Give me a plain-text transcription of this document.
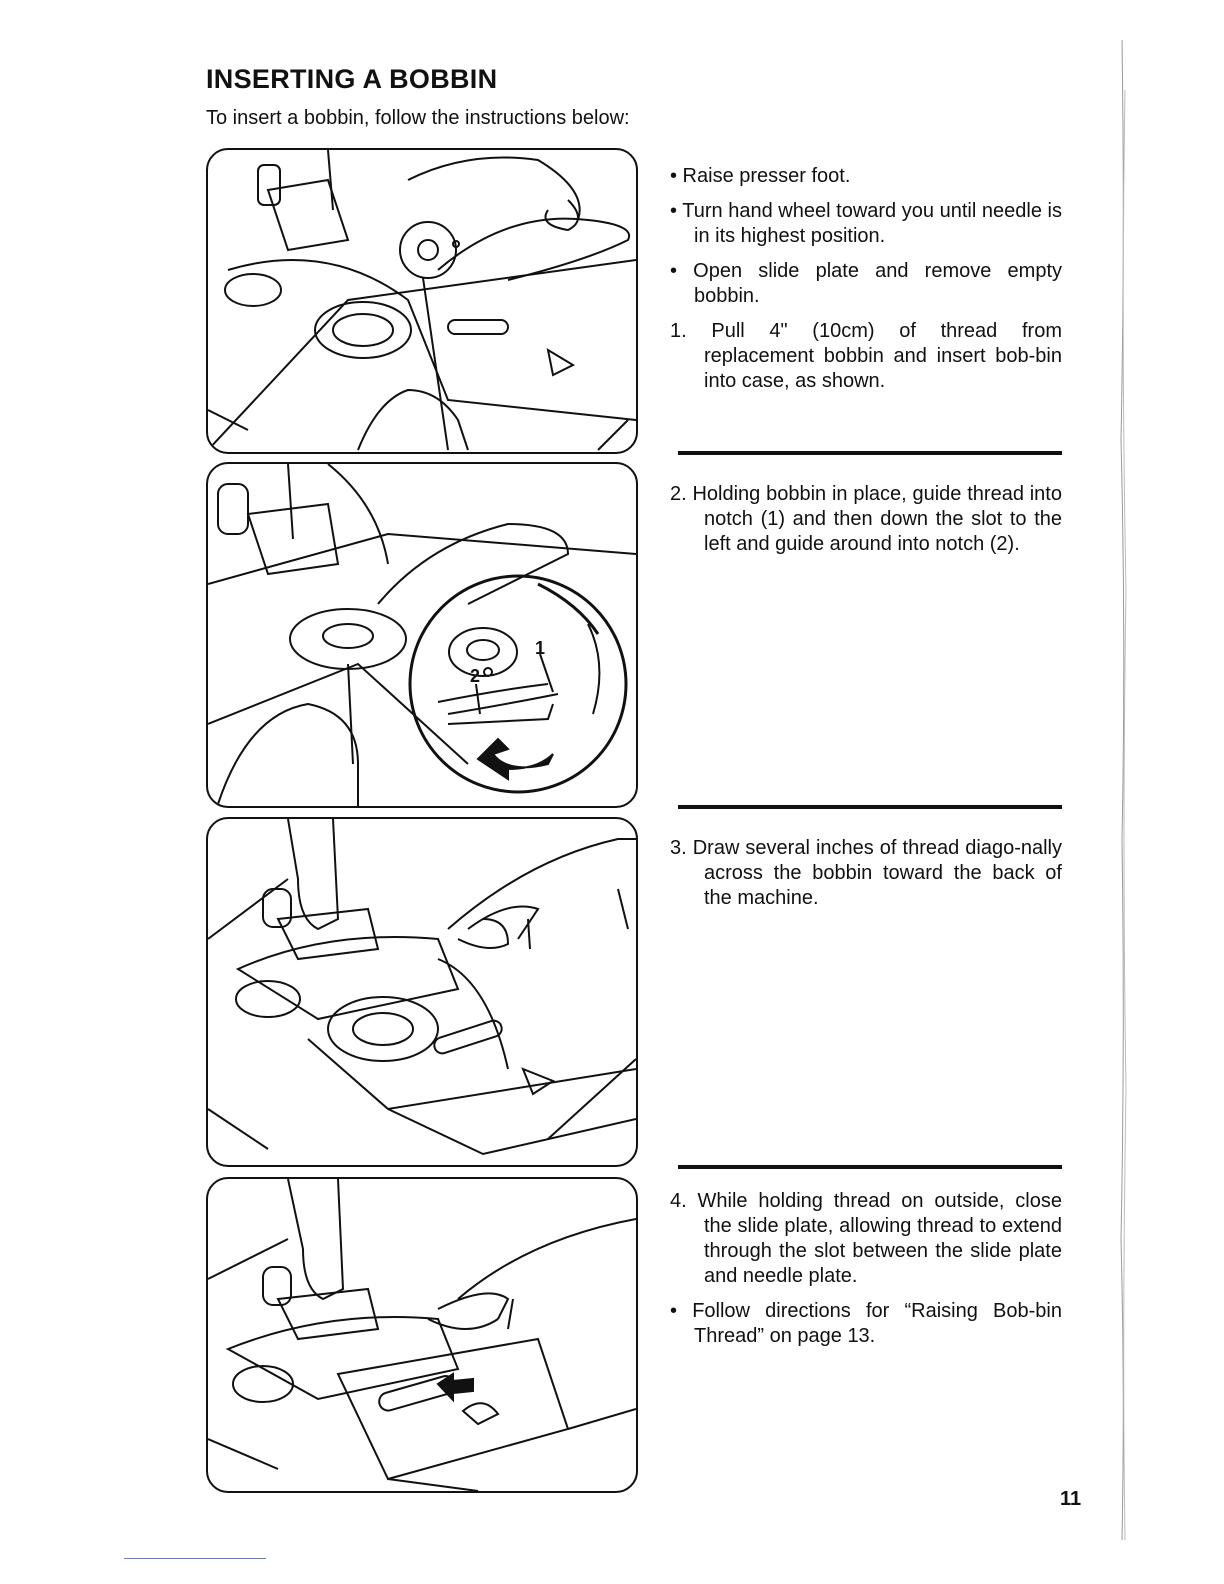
INSERTING A BOBBIN

To insert a bobbin, follow the instructions below:

• Raise presser foot.

• Turn hand wheel toward you until needle is in its highest position.

• Open slide plate and remove empty bobbin.

1. Pull 4" (10cm) of thread from replacement bobbin and insert bob-bin into case, as shown.

1
2

2. Holding bobbin in place, guide thread into notch (1) and then down the slot to the left and guide around into notch (2).

3. Draw several inches of thread diago-nally across the bobbin toward the back of the machine.

4. While holding thread on outside, close the slide plate, allowing thread to extend through the slot between the slide plate and needle plate.

• Follow directions for “Raising Bob-bin Thread” on page 13.

11
